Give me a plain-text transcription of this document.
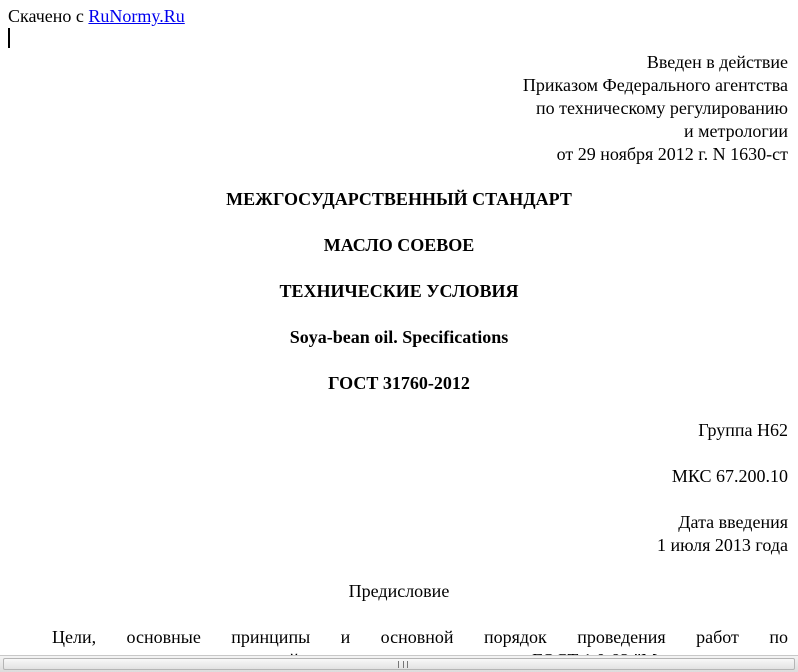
Скачено с RuNormy.Ru
Введен в действие
Приказом Федерального агентства
по техническому регулированию
и метрологии
от 29 ноября 2012 г. N 1630-ст
МЕЖГОСУДАРСТВЕННЫЙ СТАНДАРТ
МАСЛО СОЕВОЕ
ТЕХНИЧЕСКИЕ УСЛОВИЯ
Soya-bean oil. Specifications
ГОСТ 31760-2012
Группа Н62
МКС 67.200.10
Дата введения
1 июля 2013 года
Предисловие
Цели, основные принципы и основной порядок проведения работ по
